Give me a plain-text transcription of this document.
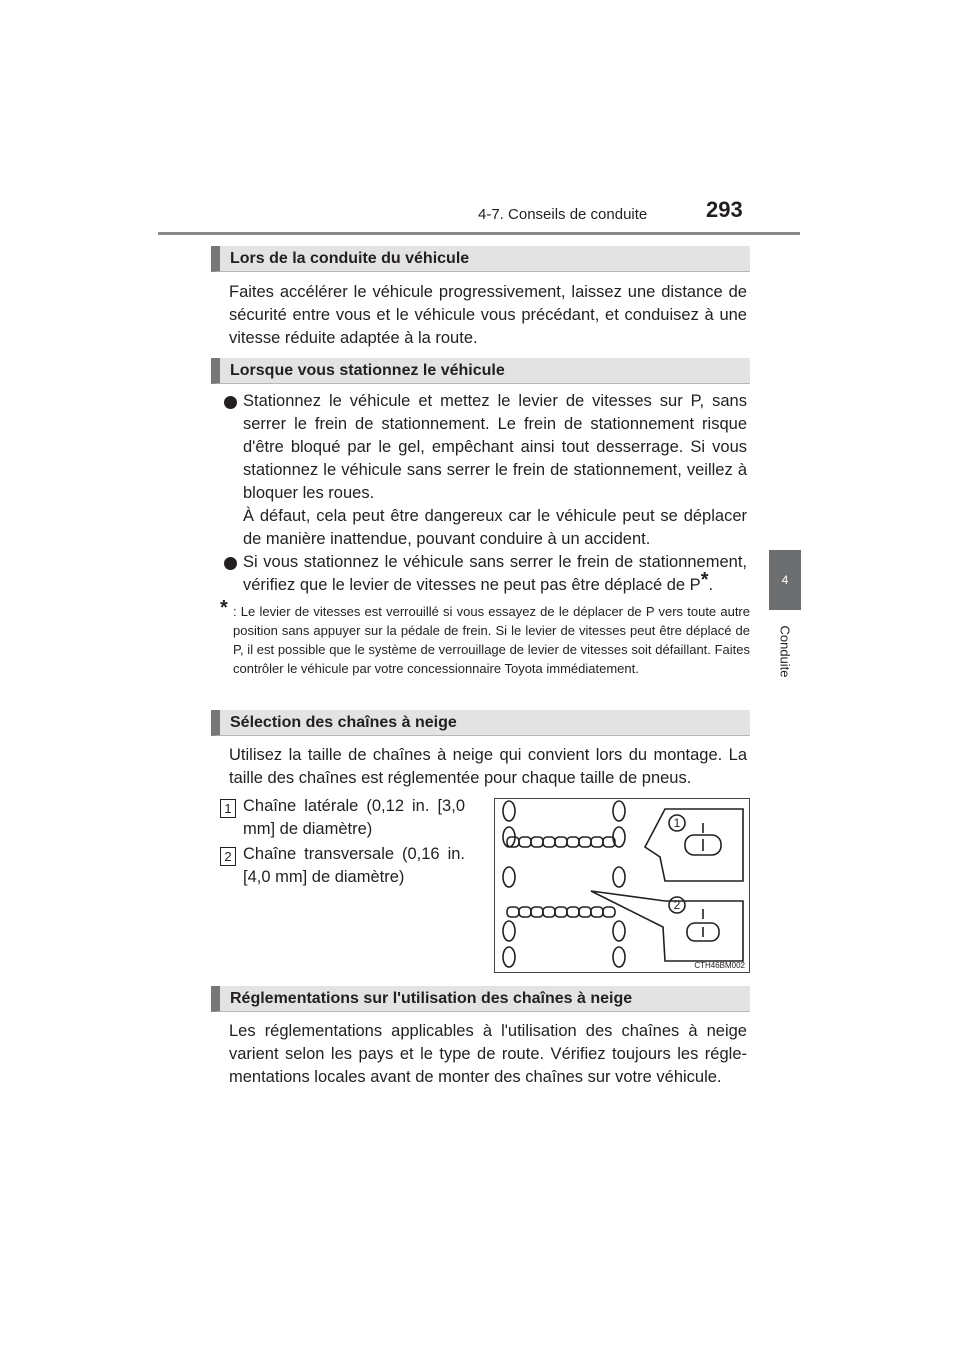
4-7. Conseils de conduite	293
4
Conduite
Lors de la conduite du véhicule
Faites accélérer le véhicule progressivement, laissez une distance de sécurité entre vous et le véhicule vous précédant, et conduisez à une vitesse réduite adaptée à la route.
Lorsque vous stationnez le véhicule
Stationnez le véhicule et mettez le levier de vitesses sur P, sans serrer le frein de stationnement. Le frein de stationnement risque d'être bloqué par le gel, empêchant ainsi tout desserrage. Si vous stationnez le véhicule sans serrer le frein de stationnement, veillez à bloquer les roues.
À défaut, cela peut être dangereux car le véhicule peut se déplacer de manière inattendue, pouvant conduire à un accident.
Si vous stationnez le véhicule sans serrer le frein de stationnement, vérifiez que le levier de vitesses ne peut pas être déplacé de P*.
* : Le levier de vitesses est verrouillé si vous essayez de le déplacer de P vers toute autre position sans appuyer sur la pédale de frein. Si le levier de vitesses peut être déplacé de P, il est possible que le système de verrouillage de levier de vitesses soit défaillant. Faites contrôler le véhicule par votre concessionnaire Toyota immédiatement.
Sélection des chaînes à neige
Utilisez la taille de chaînes à neige qui convient lors du montage. La taille des chaînes est réglementée pour chaque taille de pneus.
1 Chaîne latérale (0,12 in. [3,0 mm] de diamètre)
2 Chaîne transversale (0,16 in. [4,0 mm] de diamètre)
1
2
CTH46BM002
Réglementations sur l'utilisation des chaînes à neige
Les réglementations applicables à l'utilisation des chaînes à neige varient selon les pays et le type de route. Vérifiez toujours les réglementations locales avant de monter des chaînes sur votre véhicule.
